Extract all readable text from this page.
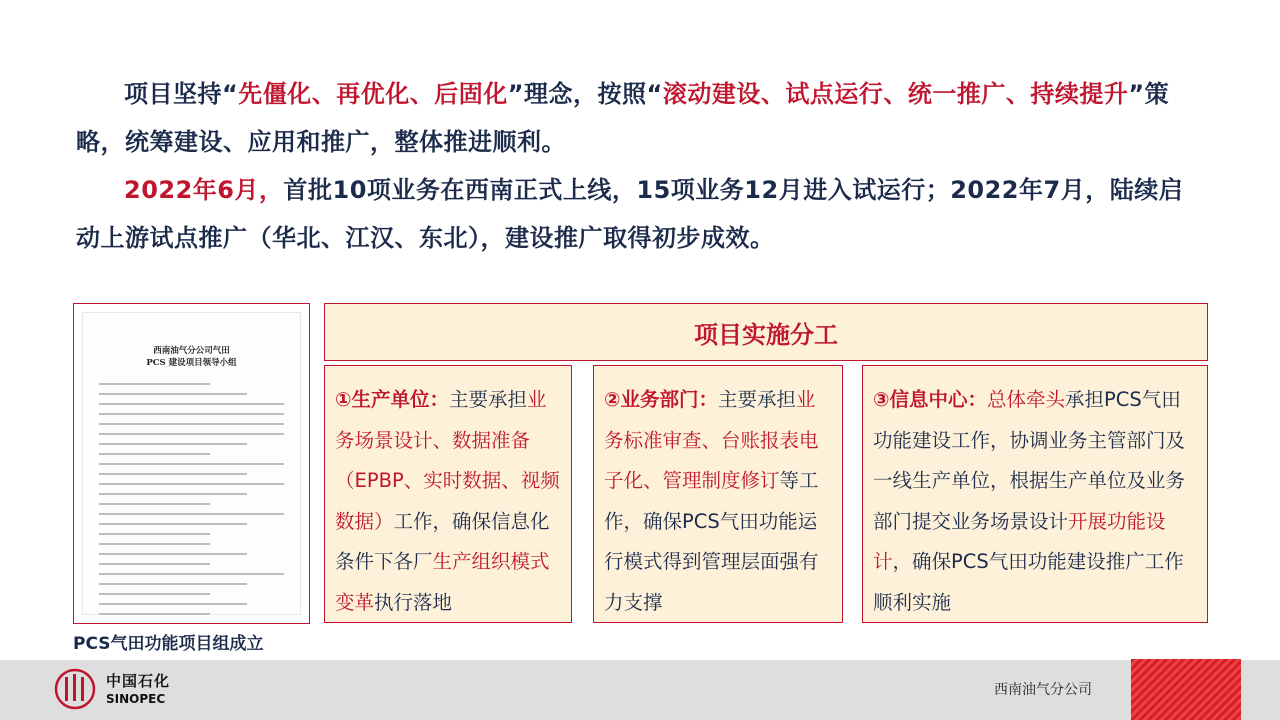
项目坚持“先僵化、再优化、后固化”理念，按照“滚动建设、试点运行、统一推广、持续提升”策略，统筹建设、应用和推广，整体推进顺利。
2022年6月，首批10项业务在西南正式上线，15项业务12月进入试运行；2022年7月，陆续启动上游试点推广（华北、江汉、东北），建设推广取得初步成效。
西南油气分公司气田
PCS 建设项目领导小组
PCS气田功能项目组成立
项目实施分工
①生产单位：主要承担业务场景设计、数据准备（EPBP、实时数据、视频数据）工作，确保信息化条件下各厂生产组织模式变革执行落地
②业务部门：主要承担业务标准审查、台账报表电子化、管理制度修订等工作，确保PCS气田功能运行模式得到管理层面强有力支撑
③信息中心：总体牵头承担PCS气田功能建设工作，协调业务主管部门及一线生产单位，根据生产单位及业务部门提交业务场景设计开展功能设计，确保PCS气田功能建设推广工作顺利实施
中国石化
SINOPEC
西南油气分公司
